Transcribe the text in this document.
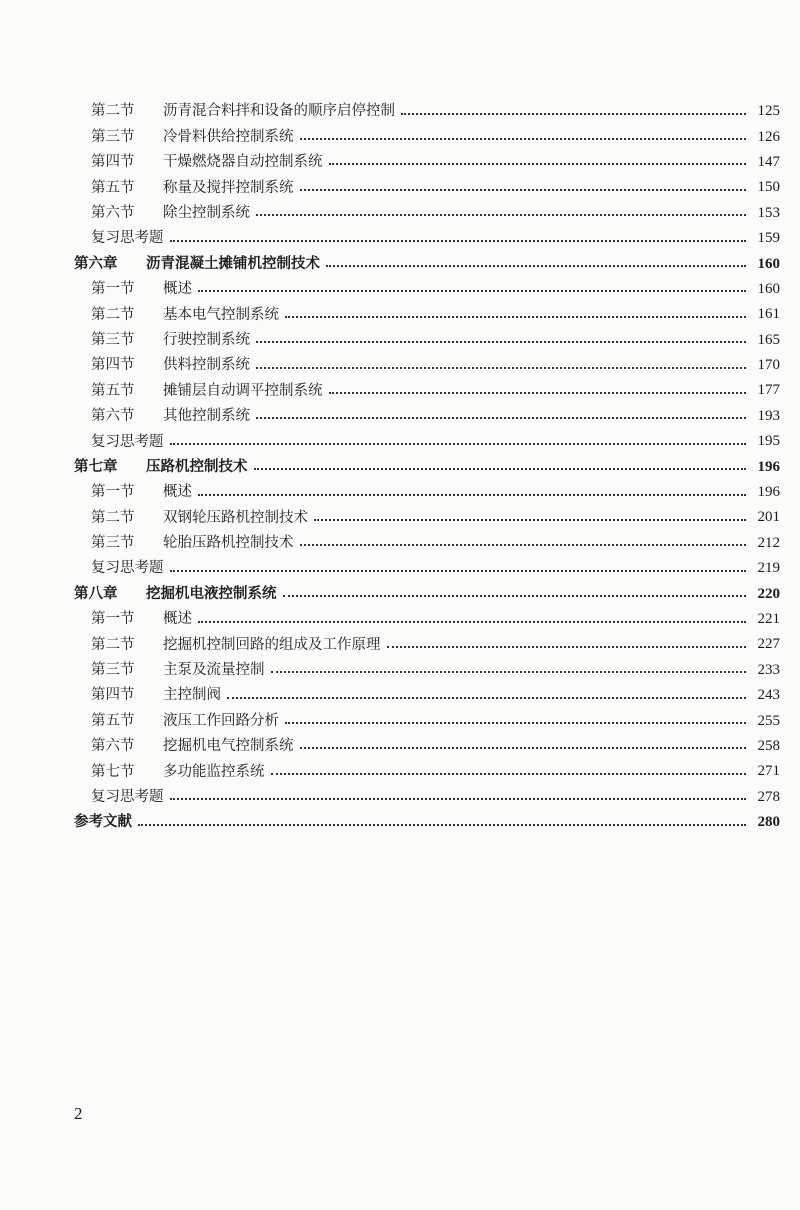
第二节	沥青混合料拌和设备的顺序启停控制	125
第三节	冷骨料供给控制系统	126
第四节	干燥燃烧器自动控制系统	147
第五节	称量及搅拌控制系统	150
第六节	除尘控制系统	153
复习思考题	159
第六章	沥青混凝土摊铺机控制技术	160
第一节	概述	160
第二节	基本电气控制系统	161
第三节	行驶控制系统	165
第四节	供料控制系统	170
第五节	摊铺层自动调平控制系统	177
第六节	其他控制系统	193
复习思考题	195
第七章	压路机控制技术	196
第一节	概述	196
第二节	双钢轮压路机控制技术	201
第三节	轮胎压路机控制技术	212
复习思考题	219
第八章	挖掘机电液控制系统	220
第一节	概述	221
第二节	挖掘机控制回路的组成及工作原理	227
第三节	主泵及流量控制	233
第四节	主控制阀	243
第五节	液压工作回路分析	255
第六节	挖掘机电气控制系统	258
第七节	多功能监控系统	271
复习思考题	278
参考文献	280
2
